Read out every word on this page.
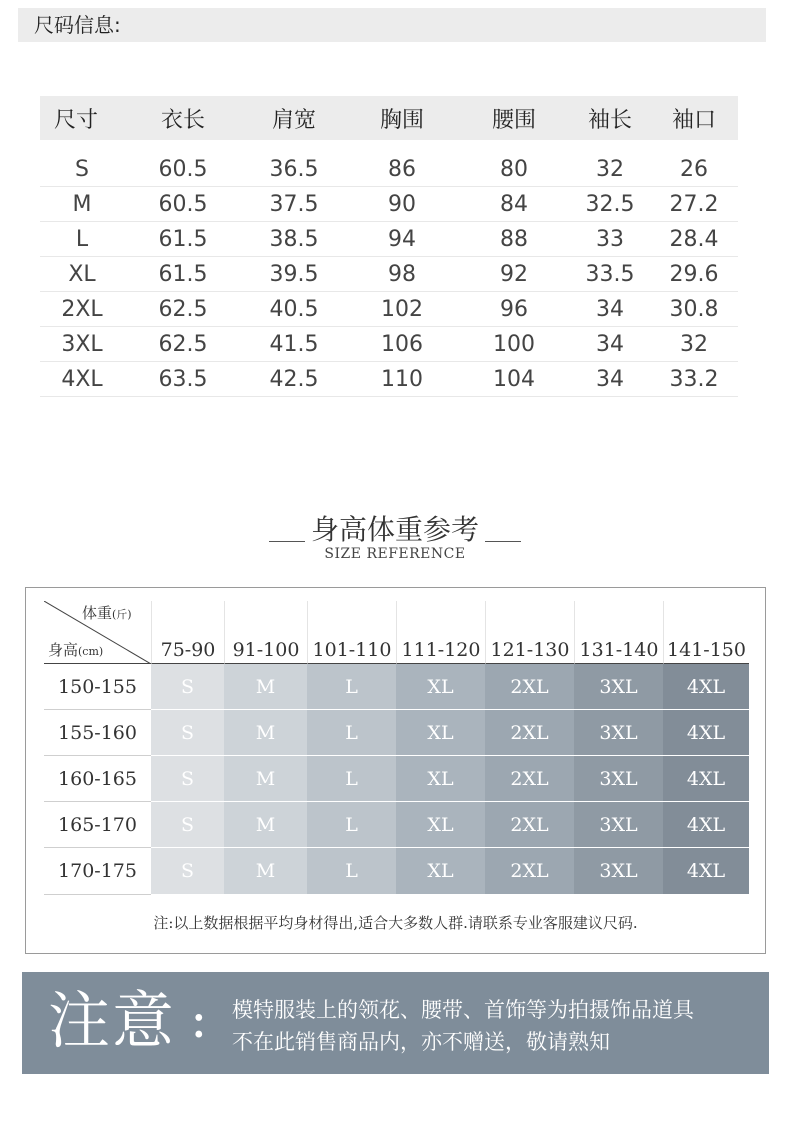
尺码信息:
尺寸	衣长	肩宽	胸围	腰围	袖长	袖口
S	60.5	36.5	86	80	32	26
M	60.5	37.5	90	84	32.5	27.2
L	61.5	38.5	94	88	33	28.4
XL	61.5	39.5	98	92	33.5	29.6
2XL	62.5	40.5	102	96	34	30.8
3XL	62.5	41.5	106	100	34	32
4XL	63.5	42.5	110	104	34	33.2
身高体重参考
SIZE REFERENCE
体重(斤)
身高(cm)	75-90 91-100 101-110 111-120 121-130 131-140 141-150
150-155	S	M	L	XL	2XL	3XL	4XL
155-160	S	M	L	XL	2XL	3XL	4XL
160-165	S	M	L	XL	2XL	3XL	4XL
165-170	S	M	L	XL	2XL	3XL	4XL
170-175	S	M	L	XL	2XL	3XL	4XL
注:以上数据根据平均身材得出,适合大多数人群.请联系专业客服建议尺码.
注意 : 模特服装上的领花、腰带、首饰等为拍摄饰品道具
不在此销售商品内，亦不赠送，敬请熟知
